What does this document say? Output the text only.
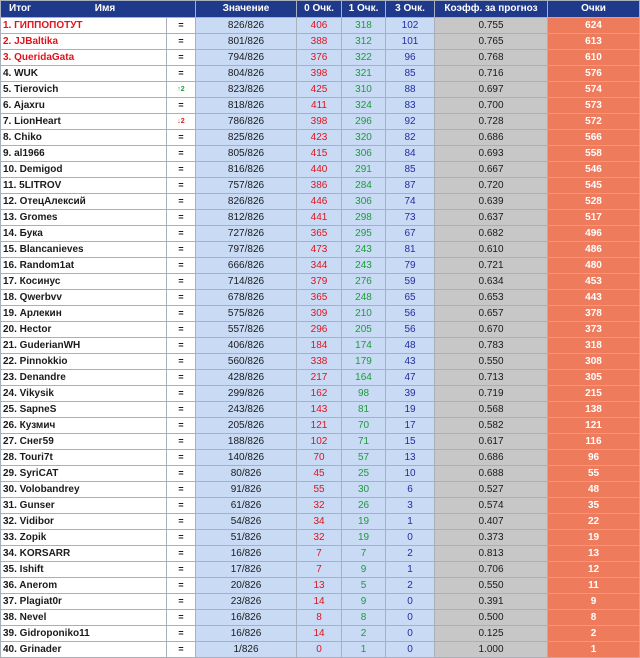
Итог Имя		Значение	0 Очк.	1 Очк.	3 Очк.	Коэфф. за прогноз	Очки
1. ГИППОПОТУТ	=	826/826	406	318	102	0.755	624
2. JJBaltika	=	801/826	388	312	101	0.765	613
3. QueridaGata	=	794/826	376	322	96	0.768	610
4. WUK	=	804/826	398	321	85	0.716	576
5. Tierovich	↑2	823/826	425	310	88	0.697	574
6. Ajaxru	=	818/826	411	324	83	0.700	573
7. LionHeart	↓2	786/826	398	296	92	0.728	572
8. Chiko	=	825/826	423	320	82	0.686	566
9. al1966	=	805/826	415	306	84	0.693	558
10. Demigod	=	816/826	440	291	85	0.667	546
11. 5LITROV	=	757/826	386	284	87	0.720	545
12. ОтецАлексий	=	826/826	446	306	74	0.639	528
13. Gromes	=	812/826	441	298	73	0.637	517
14. Бука	=	727/826	365	295	67	0.682	496
15. Blancanieves	=	797/826	473	243	81	0.610	486
16. Random1at	=	666/826	344	243	79	0.721	480
17. Косинус	=	714/826	379	276	59	0.634	453
18. Qwerbvv	=	678/826	365	248	65	0.653	443
19. Арлекин	=	575/826	309	210	56	0.657	378
20. Hector	=	557/826	296	205	56	0.670	373
21. GuderianWH	=	406/826	184	174	48	0.783	318
22. Pinnokkio	=	560/826	338	179	43	0.550	308
23. Denandre	=	428/826	217	164	47	0.713	305
24. Vikysik	=	299/826	162	98	39	0.719	215
25. SapneS	=	243/826	143	81	19	0.568	138
26. Кузмич	=	205/826	121	70	17	0.582	121
27. Cнег59	=	188/826	102	71	15	0.617	116
28. Touri7t	=	140/826	70	57	13	0.686	96
29. SyriCAT	=	80/826	45	25	10	0.688	55
30. Volobandrey	=	91/826	55	30	6	0.527	48
31. Gunser	=	61/826	32	26	3	0.574	35
32. Vidibor	=	54/826	34	19	1	0.407	22
33. Zopik	=	51/826	32	19	0	0.373	19
34. KORSARR	=	16/826	7	7	2	0.813	13
35. Ishift	=	17/826	7	9	1	0.706	12
36. Anerom	=	20/826	13	5	2	0.550	11
37. Plagiat0r	=	23/826	14	9	0	0.391	9
38. Nevel	=	16/826	8	8	0	0.500	8
39. Gidroponiko11	=	16/826	14	2	0	0.125	2
40. Grinader	=	1/826	0	1	0	1.000	1
